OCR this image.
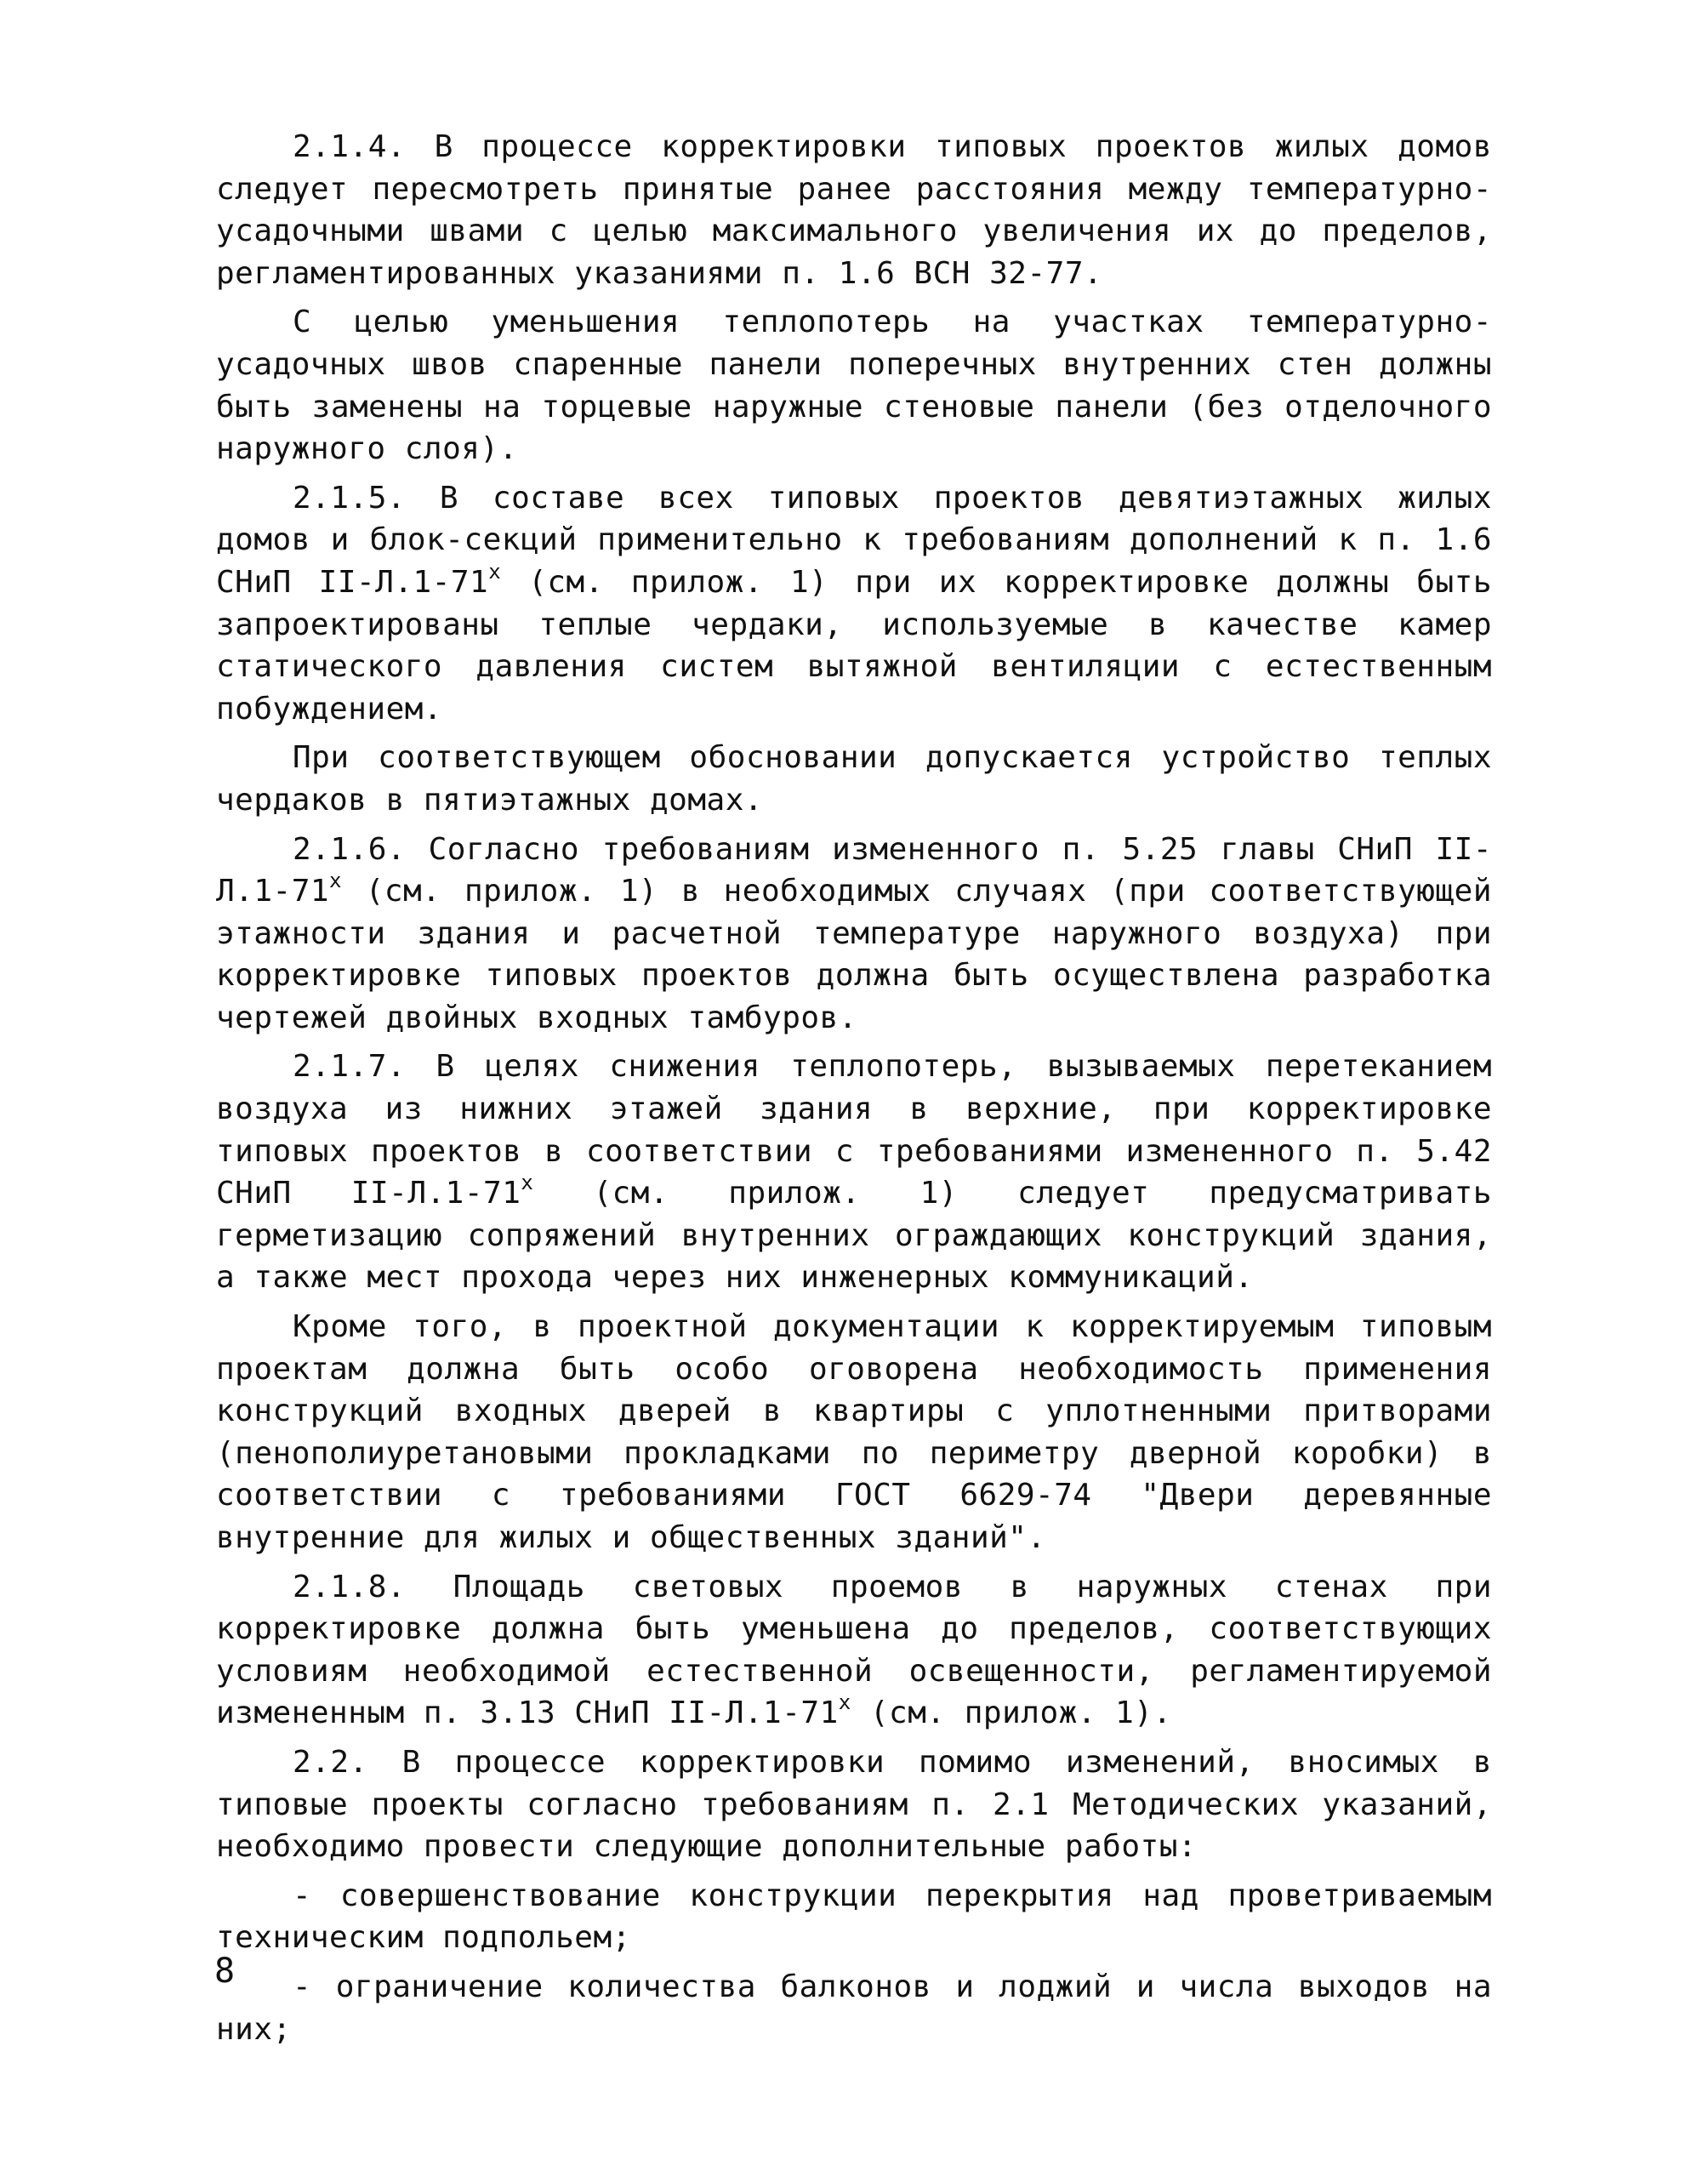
2.1.4. В процессе корректировки типовых проектов жилых домов следует пересмотреть принятые ранее расстояния между температурно-усадочными швами с целью максимального увеличения их до пределов, регламентированных указаниями п. 1.6 ВСН 32-77.

С целью уменьшения теплопотерь на участках температурно-усадочных швов спаренные панели поперечных внутренних стен должны быть заменены на торцевые наружные стеновые панели (без отделочного наружного слоя).

2.1.5. В составе всех типовых проектов девятиэтажных жилых домов и блок-секций применительно к требованиям дополнений к п. 1.6 СНиП $II-Л.1-71^х$ (см. прилож. 1) при их корректировке должны быть запроектированы теплые чердаки, используемые в качестве камер статического давления систем вытяжной вентиляции с естественным побуждением.

При соответствующем обосновании допускается устройство теплых чердаков в пятиэтажных домах.

2.1.6. Согласно требованиям измененного п. 5.25 главы СНиП $II-Л.1-71^х$ (см. прилож. 1) в необходимых случаях (при соответствующей этажности здания и расчетной температуре наружного воздуха) при корректировке типовых проектов должна быть осуществлена разработка чертежей двойных входных тамбуров.

2.1.7. В целях снижения теплопотерь, вызываемых перетеканием воздуха из нижних этажей здания в верхние, при корректировке типовых проектов в соответствии с требованиями измененного п. 5.42 СНиП $II-Л.1-71^х$ (см. прилож. 1) следует предусматривать герметизацию сопряжений внутренних ограждающих конструкций здания, а также мест прохода через них инженерных коммуникаций.

Кроме того, в проектной документации к корректируемым типовым проектам должна быть особо оговорена необходимость применения конструкций входных дверей в квартиры с уплотненными притворами (пенополиуретановыми прокладками по периметру дверной коробки) в соответствии с требованиями ГОСТ 6629-74 "Двери деревянные внутренние для жилых и общественных зданий".

2.1.8. Площадь световых проемов в наружных стенах при корректировке должна быть уменьшена до пределов, соответствующих условиям необходимой естественной освещенности, регламентируемой измененным п. 3.13 СНиП $II-Л.1-71^х$ (см. прилож. 1).

2.2. В процессе корректировки помимо изменений, вносимых в типовые проекты согласно требованиям п. 2.1 Методических указаний, необходимо провести следующие дополнительные работы:

- совершенствование конструкции перекрытия над проветриваемым техническим подпольем;

- ограничение количества балконов и лоджий и числа выходов на них;

8
